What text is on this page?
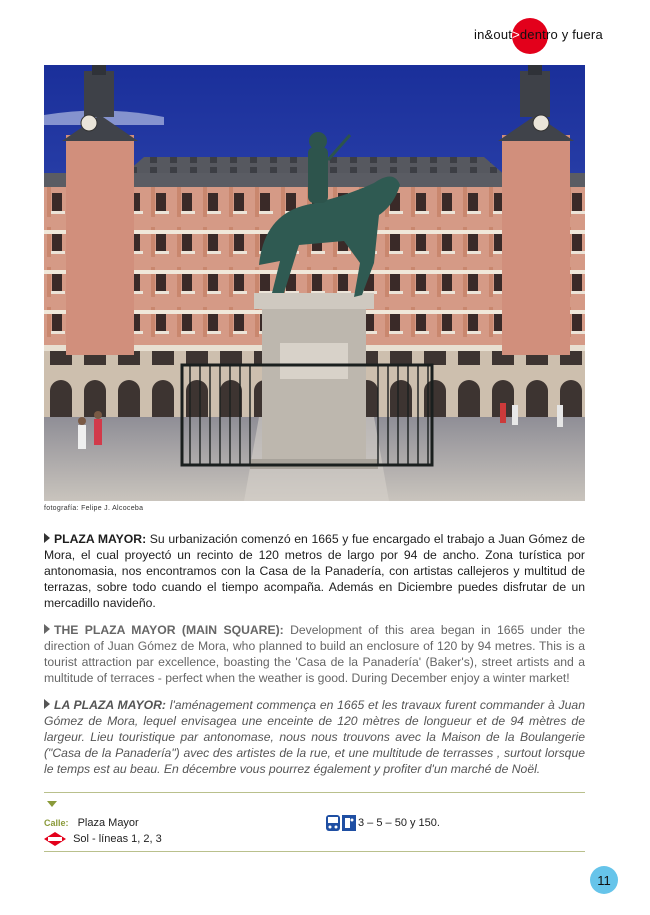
in&out>dentro y fuera
fotografía: Felipe J. Alcoceba
PLAZA MAYOR: Su urbanización comenzó en 1665 y fue encargado el trabajo a Juan Gómez de Mora, el cual proyectó un recinto de 120 metros de largo por 94 de ancho. Zona turística por antonomasia, nos encontramos con la Casa de la Panadería, con artistas callejeros y multitud de terrazas, sobre todo cuando el tiempo acompaña. Además en Diciembre puedes disfrutar de un mercadillo navideño.
THE PLAZA MAYOR (MAIN SQUARE): Development of this area began in 1665 under the direction of Juan Gómez de Mora, who planned to build an enclosure of 120 by 94 metres. This is a tourist attraction par excellence, boasting the 'Casa de la Panadería' (Baker's), street artists and a multitude of terraces - perfect when the weather is good. During December enjoy a winter market!
LA PLAZA MAYOR: l'aménagement commença en 1665 et les travaux furent commander à Juan Gómez de Mora, lequel envisagea une enceinte de 120 mètres de longueur et de 94 mètres de largeur. Lieu touristique par antonomase, nous nous trouvons avec la Maison de la Boulangerie ("Casa de la Panadería") avec des artistes de la rue, et une multitude de terrasses , surtout lorsque le temps est au beau. En décembre vous pourrez également y profiter d'un marché de Noël.
Calle: Plaza Mayor
Sol - líneas 1, 2, 3
3 – 5 – 50 y 150.
11
